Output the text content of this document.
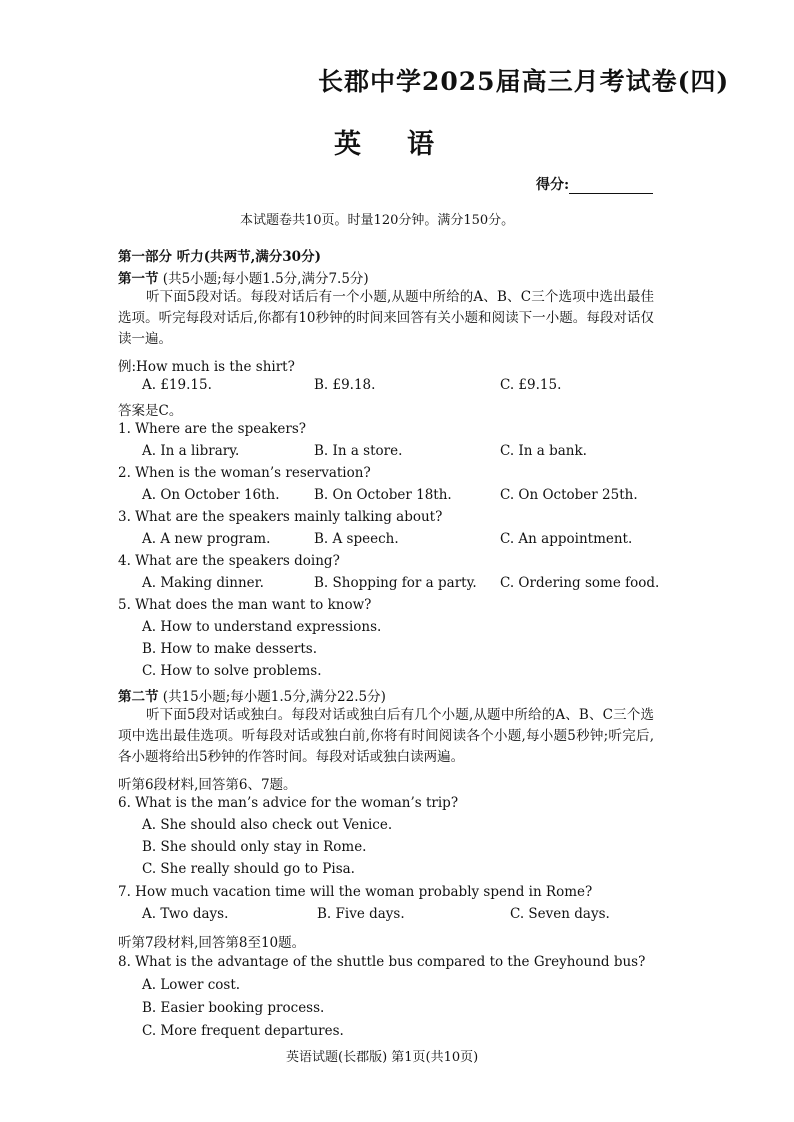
长郡中学2025届高三月考试卷(四)
英语
得分:
本试题卷共10页。时量120分钟。满分150分。
第一部分 听力(共两节,满分30分)
第一节 (共5小题;每小题1.5分,满分7.5分)
听下面5段对话。每段对话后有一个小题,从题中所给的A、B、C三个选项中选出最佳选项。听完每段对话后,你都有10秒钟的时间来回答有关小题和阅读下一小题。每段对话仅读一遍。
例:How much is the shirt?
A. £19.15.	B. £9.18.	C. £9.15.
答案是C。
1. Where are the speakers?
A. In a library.	B. In a store.	C. In a bank.
2. When is the woman’s reservation?
A. On October 16th.	B. On October 18th.	C. On October 25th.
3. What are the speakers mainly talking about?
A. A new program.	B. A speech.	C. An appointment.
4. What are the speakers doing?
A. Making dinner.	B. Shopping for a party. C. Ordering some food.
5. What does the man want to know?
A. How to understand expressions.
B. How to make desserts.
C. How to solve problems.
第二节 (共15小题;每小题1.5分,满分22.5分)
听下面5段对话或独白。每段对话或独白后有几个小题,从题中所给的A、B、C三个选项中选出最佳选项。听每段对话或独白前,你将有时间阅读各个小题,每小题5秒钟;听完后,各小题将给出5秒钟的作答时间。每段对话或独白读两遍。
听第6段材料,回答第6、7题。
6. What is the man’s advice for the woman’s trip?
A. She should also check out Venice.
B. She should only stay in Rome.
C. She really should go to Pisa.
7. How much vacation time will the woman probably spend in Rome?
A. Two days.	B. Five days.	C. Seven days.
听第7段材料,回答第8至10题。
8. What is the advantage of the shuttle bus compared to the Greyhound bus?
A. Lower cost.
B. Easier booking process.
C. More frequent departures.
英语试题(长郡版) 第1页(共10页)
